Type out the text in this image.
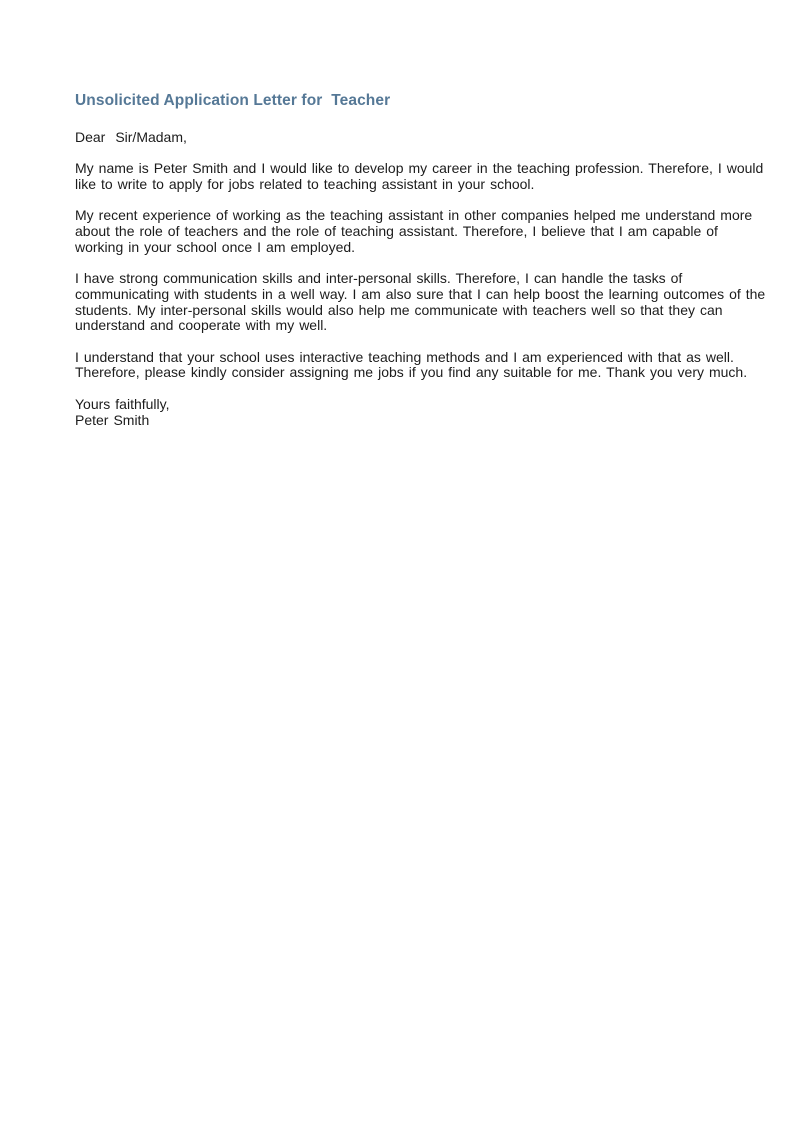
Unsolicited Application Letter for  Teacher
Dear  Sir/Madam,
My name is Peter Smith and I would like to develop my career in the teaching profession. Therefore, I would
like to write to apply for jobs related to teaching assistant in your school.
My recent experience of working as the teaching assistant in other companies helped me understand more
about the role of teachers and the role of teaching assistant. Therefore, I believe that I am capable of
working in your school once I am employed.
I have strong communication skills and inter-personal skills. Therefore, I can handle the tasks of
communicating with students in a well way. I am also sure that I can help boost the learning outcomes of the
students. My inter-personal skills would also help me communicate with teachers well so that they can
understand and cooperate with my well.
I understand that your school uses interactive teaching methods and I am experienced with that as well.
Therefore, please kindly consider assigning me jobs if you find any suitable for me. Thank you very much.
Yours faithfully,
Peter Smith
